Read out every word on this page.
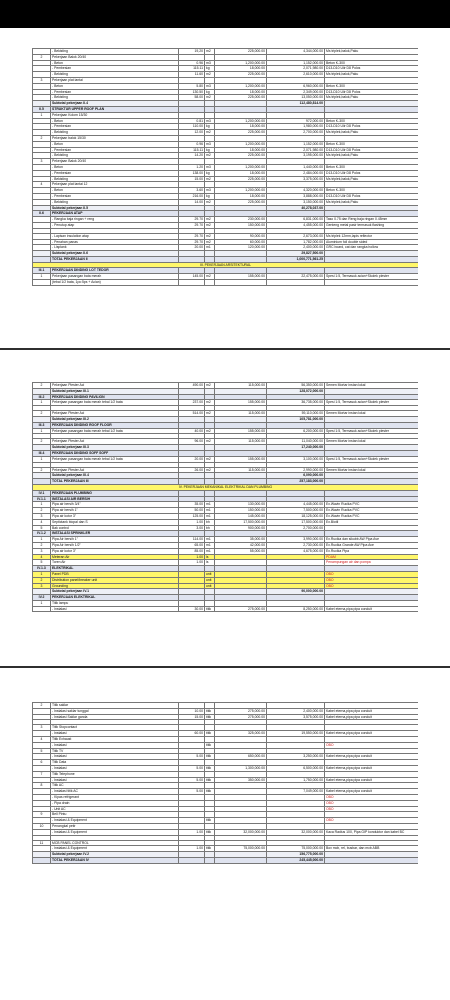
	- Bekisting	19,20	m2	225,000.00	4,344,000.00	Ms triplek,balok,Paku
2	Pekerjaan Balok 20/40					
	- Beton	0.96	m3	1,200,000.00	1,152,000.00	Beton K-300
	- Pembesian	115.11	kg	18,000.00	2,071,980.00	D13-D10 Ulir D8 Polos
	- Bekisting	11.60	m2	225,000.00	2,610,000.00	Ms triplek,balok,Paku
3	Pekerjaan plat lantai					
	- Beton	5.80	m3	1,200,000.00	6,960,000.00	Beton K-300
	- Pembesian	130.50	kg	18,000.00	2,349,000.00	D13-D10 Ulir D8 Polos
	- Bekisting	58.00	m2	225,000.00	13,050,000.00	Ms triplek,balok,Paku
	Subtotal pekerjaan II.4				112,480,814.00	
II.5	STRUKTUR UPPER ROOF PLAN					
1	Pekerjaan Kolom 15/30					
	- Beton	0.81	m3	1,200,000.00	972,000.00	Beton K-300
	- Pembesian	110.00	kg	18,000.00	1,980,000.00	D13-D10 Ulir D8 Polos
	- Bekisting	12.00	m2	225,000.00	2,700,000.00	Ms triplek,balok,Paku
2	Pekerjaan balok 15/30					
	- Beton	0.96	m3	1,200,000.00	1,152,000.00	Beton K-300
	- Pembesian	115.11	kg	18,000.00	2,071,980.00	D13-D10 Ulir D8 Polos
	- Bekisting	14.20	m2	225,000.00	3,195,000.00	Ms triplek,balok,Paku
3	Pekerjaan Balok 20/40					
	- Beton	1.20	m3	1,200,000.00	1,440,000.00	Beton K-300
	- Pembesian	138.00	kg	18,000.00	2,484,000.00	D13-D10 Ulir D8 Polos
	- Bekisting	15.00	m2	225,000.00	3,375,000.00	Ms triplek,balok,Paku
4	Pekerjaan plat lantai 12					
	- Beton	3.60	m3	1,200,000.00	4,320,000.00	Beton K-300
	- Pembesian	216.00	kg	18,000.00	3,888,000.00	D13-D10 Ulir D8 Polos
	- Bekisting	14.00	m2	225,000.00	3,150,000.00	Ms triplek,balok,Paku
	Subtotal pekerjaan II.5				40,278,037.00	
II.6	PEKERJAAN ATAP					
	- Rangka baja ringan + reng	29.70	m2	230,000.00	6,831,000.00	Taso 0.75 dan Reng baja ringan 0.45mm
	- Penutup atap	29.70	m2	150,000.00	4,455,000.00	Genteng metal pasir termasuk flashing

	- Lapisan insulation atap	29.70	m2	90,000.00	2,673,000.00	Ms triplek 12mm,lapis reflector
	- Penahan panas	29.70	m2	60,000.00	1,782,000.00	Aluminium foil double sided
	- Lisplank	20.00	m1	120,000.00	2,400,000.00	GRC board, cat dan rangka hollow
	Subtotal pekerjaan II.6				29,827,500.00	
	TOTAL PEKERJAAN II				1,000,771,561.25	
III. PEKERJAAN ARSITEKTURAL						
III.1	PEKERJAAN DINDING LOT TEDOR					
1	Pekerjaan pasangan bata merah	145.00	m2	155,000.00	22,475,000.00	Spesi 1:5, Termasuk acian+Skolek plester
	(tebal 1/2 bata, 1pc:5ps + Acian)					
2	Pekerjaan Plester Aci	490.00	m2	115,000.00	56,350,000.00	Semen Mortar instan lokal
	Subtotal pekerjaan III.1				128,072,000.00	
III.2	PEKERJAAN DINDING PAVILION					
1	Pekerjaan pasangan bata merah tebal 1/2 bata	237.00	m2	155,000.00	36,735,000.00	Spesi 1:5, Termasuk acian+Skolek plester

2	Pekerjaan Plester Aci	514.00	m2	115,000.00	59,110,000.00	Semen Mortar instan lokal
	Subtotal pekerjaan III.2				105,781,000.00	
III.3	PEKERJAAN DINDING ROOF FLOOR					
1	Pekerjaan pasangan bata merah tebal 1/2 bata	40.00	m2	155,000.00	6,200,000.00	Spesi 1:5, Termasuk acian+Skolek plester

2	Pekerjaan Plester Aci	96.00	m2	115,000.00	11,040,000.00	Semen Mortar instan lokal
	Subtotal pekerjaan III.3				17,240,000.00	
III.4	PEKERJAAN DINDING SOFF SOFF					
1	Pekerjaan pasangan bata merah tebal 1/2 bata	20.00	m2	155,000.00	3,100,000.00	Spesi 1:5, Termasuk acian+Skolek plester

2	Pekerjaan Plester Aci	26.00	m2	115,000.00	2,990,000.00	Semen Mortar instan lokal
	Subtotal pekerjaan III.4				6,090,000.00	
	TOTAL PEKERJAAN III				257,183,000.00	
IV. PEKERJAAN MEKANIKAL ELEKTRIKAL DAN PLUMBING						
IV.1	PEKERJAAN PLUMBING					
IV.1.1	INSTALASI AIR BERSIH					
1	Pipa air bersih 3/4"	35.00	m1	130,000.00	4,445,000.00	Ex.Wavin Rucika PVC
2	Pipa air bersih 1"	50.00	m1	150,000.00	7,500,000.00	Ex.Wavin Rucika PVC
3	Pipa air kotor 3"	125.00	m1	145,000.00	18,125,000.00	Ex.Wavin Rucika PVC
4	Septictank biopal dan S	1.00	bh	17,500,000.00	17,500,000.00	Ex.Biotil
5	Bak control	3.00	bh	900,000.00	2,700,000.00	
IV.1.2	INSTALASI SPRINKLER					
1	Pipa Air bersih 1"	114.00	m1	35,000.00	3,990,000.00	Ex.Rucika dan sikubb AW Pipa Ave
2	Pipa Air bersih 1/2"	65.00	m1	42,000.00	2,730,000.00	Ex.Rucika Grande AW Pipa Ave
3	Pipa air kotor 3"	85.00	m1	55,000.00	4,675,000.00	Ex.Rucika Pipa
4	Meteran Air	1.00	ls			PDAM
5	Toren Air	1.00	ls			Penampungan air dan pompa
IV.1.3	ELEKTRIKAL					
1	Panel PDB		unit			OBO
2	Distribution panel/breaker unit		unit			OBO
3	Grounding		unit			OBO
	Subtotal pekerjaan IV.1				90,000,000.00	
IV.2	PEKERJAAN ELEKTRIKAL					
1	Titik lampu					
	- Instalasi	30.00	titik	275,000.00	8,250,000.00	Kabel eterna,pipa pipa conduit
2	Titik saklar					
	- Instalasi saklar tunggal	10.00	titik	275,000.00	2,400,000.00	Kabel eterna,pipa pipa conduit
	- Instalasi Saklar ganda	15.00	titik	275,000.00	3,575,000.00	Kabel eterna,pipa pipa conduit

3	Titik Stopcontact					
	- Instalasi	60.00	titik	325,000.00	19,550,000.00	Kabel eterna,pipa pipa conduit
4	Titik Exhaust					
	- Instalasi		titik			OBO
5	Titik TV					
	- Instalasi	5.00	titik	650,000.00	3,250,000.00	Kabel eterna,pipa pipa conduit
6	Titik Data					
	- Instalasi	5.00	titik	1,300,000.00	6,500,000.00	Kabel eterna,pipa pipa conduit
7	Titik Telephone					
	- Instalasi	5.00	titik	350,000.00	1,750,000.00	Kabel eterna,pipa pipa conduit
8	Titik AC					
	- Instalasi titik AC	5.00	titik		7,049,000.00	Kabel eterna,pipa pipa conduit
	- Kipas refrigerant					OBO
	- Pipa drain					OBO
	- Unit AC					OBO
9	Bell Pintu					
	- Instalasi & Equipment		titik			OBO
10	Penangkal petir					
	- Instalasi & Equipment	1.00	titik	32,000,000.00	32,000,000.00	Kaca Radius 100, Pipa GIP konduktor dan kabel BC

11	MCB PANEL CONTROL					
	- Instalasi & Equipment	1.00	titik	75,000,000.00	75,000,000.00	Box mcb, rel, busbar, dan mcb ABB
	Subtotal pekerjaan IV.2				156,775,000.00	
	TOTAL PEKERJAAN IV				245,445,000.00	
